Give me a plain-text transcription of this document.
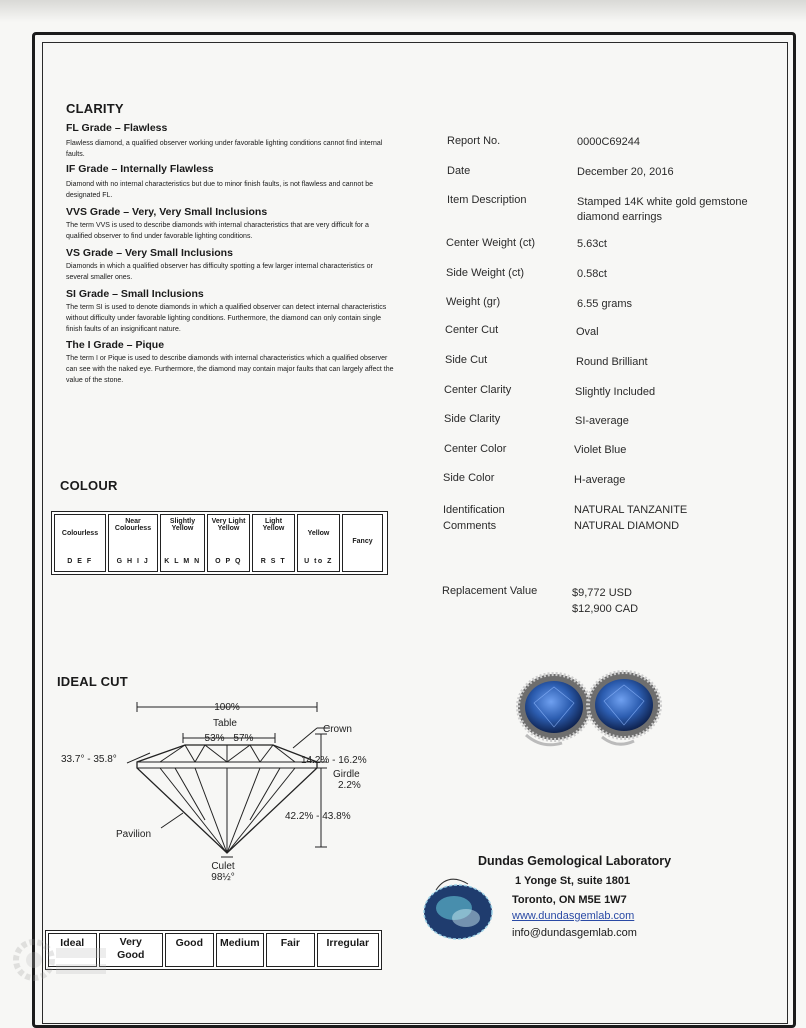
CLARITY
FL Grade – Flawless
Flawless diamond, a qualified observer working under favorable lighting conditions cannot find internal faults.
IF Grade – Internally Flawless
Diamond with no internal characteristics but due to minor finish faults, is not flawless and cannot be designated FL.
VVS Grade – Very, Very Small Inclusions
The term VVS is used to describe diamonds with internal characteristics that are very difficult for a qualified observer to find under favorable lighting conditions.
VS Grade – Very Small Inclusions
Diamonds in which a qualified observer has difficulty spotting a few larger internal characteristics or several smaller ones.
SI Grade – Small Inclusions
The term SI is used to denote diamonds in which a qualified observer can detect internal characteristics without difficulty under favorable lighting conditions. Furthermore, the diamond can only contain single finish faults of an insignificant nature.
The I Grade – Pique
The term I or Pique is used to describe diamonds with internal characteristics which a qualified observer can see with the naked eye. Furthermore, the diamond may contain major faults that can largely affect the value of the stone.
COLOUR
Colourless
D E F
Near Colourless
G H I J
Slightly Yellow
K L M N
Very Light Yellow
O P Q
Light Yellow
R S T
Yellow
U to Z
Fancy
IDEAL CUT
100%
Table
53% - 57%
Crown
33.7° - 35.8°	14.2% - 16.2%
Girdle
2.2%
42.2% - 43.8%
Pavilion
Culet
98½°
Ideal	Very Good
Good	Medium	Fair	Irregular
Report No.	0000C69244
Date	December 20, 2016
Item Description	Stamped 14K white gold gemstone diamond earrings
Center Weight (ct)	5.63ct
Side Weight (ct)	0.58ct
Weight (gr)	6.55 grams
Center Cut	Oval
Side Cut	Round Brilliant
Center Clarity	Slightly Included
Side Clarity	SI-average
Center Color	Violet Blue
Side Color	H-average
Identification Comments
NATURAL TANZANITE
NATURAL DIAMOND
Replacement Value	$9,772 USD
$12,900 CAD
Dundas Gemological Laboratory
1 Yonge St, suite 1801
Toronto, ON M5E 1W7
www.dundasgemlab.com
info@dundasgemlab.com
